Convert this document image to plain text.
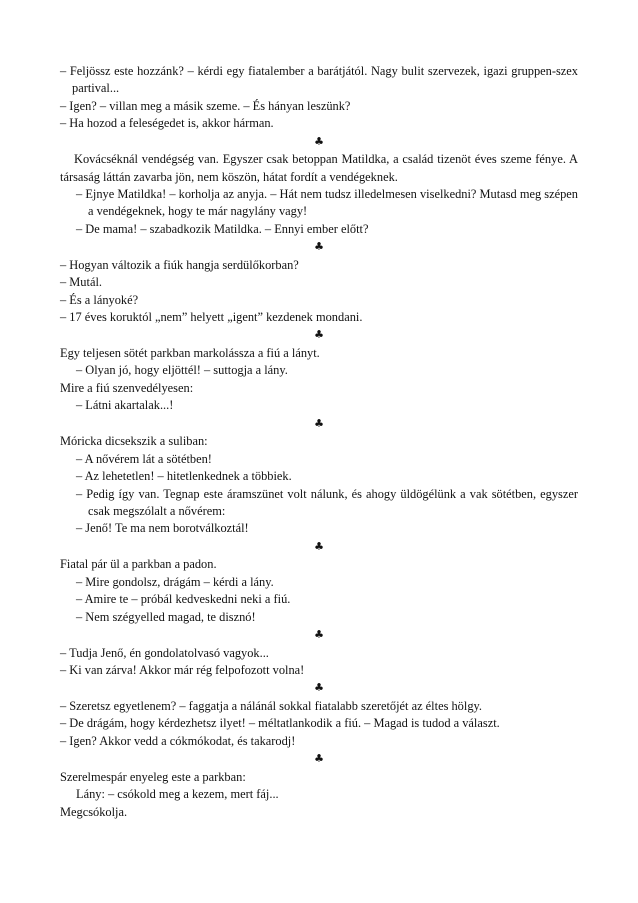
– Feljössz este hozzánk? – kérdi egy fiatalember a barátjától. Nagy bulit szervezek, igazi gruppen-szex partival...

– Igen? – villan meg a másik szeme. – És hányan leszünk?

– Ha hozod a feleségedet is, akkor hárman.

♣

Kovácséknál vendégség van. Egyszer csak betoppan Matildka, a család tizenöt éves szeme fénye. A társaság láttán zavarba jön, nem köszön, hátat fordít a vendégeknek.

– Ejnye Matildka! – korholja az anyja. – Hát nem tudsz illedelmesen viselkedni? Mutasd meg szépen a vendégeknek, hogy te már nagylány vagy!

– De mama! – szabadkozik Matildka. – Ennyi ember előtt?

♣

– Hogyan változik a fiúk hangja serdülőkorban?

– Mutál.

– És a lányoké?

– 17 éves koruktól „nem” helyett „igent” kezdenek mondani.

♣

Egy teljesen sötét parkban markolássza a fiú a lányt.

– Olyan jó, hogy eljöttél! – suttogja a lány.

Mire a fiú szenvedélyesen:

– Látni akartalak...!

♣

Móricka dicsekszik a suliban:

– A nővérem lát a sötétben!

– Az lehetetlen! – hitetlenkednek a többiek.

– Pedig így van. Tegnap este áramszünet volt nálunk, és ahogy üldögélünk a vak sötétben, egyszer csak megszólalt a nővérem:

– Jenő! Te ma nem borotválkoztál!

♣

Fiatal pár ül a parkban a padon.

– Mire gondolsz, drágám – kérdi a lány.

– Amire te – próbál kedveskedni neki a fiú.

– Nem szégyelled magad, te disznó!

♣

– Tudja Jenő, én gondolatolvasó vagyok...

– Ki van zárva! Akkor már rég felpofozott volna!

♣

– Szeretsz egyetlenem? – faggatja a nálánál sokkal fiatalabb szeretőjét az éltes hölgy.

– De drágám, hogy kérdezhetsz ilyet! – méltatlankodik a fiú. – Magad is tudod a választ.

– Igen? Akkor vedd a cókmókodat, és takarodj!

♣

Szerelmespár enyeleg este a parkban:

Lány: – csókold meg a kezem, mert fáj...

Megcsókolja.
